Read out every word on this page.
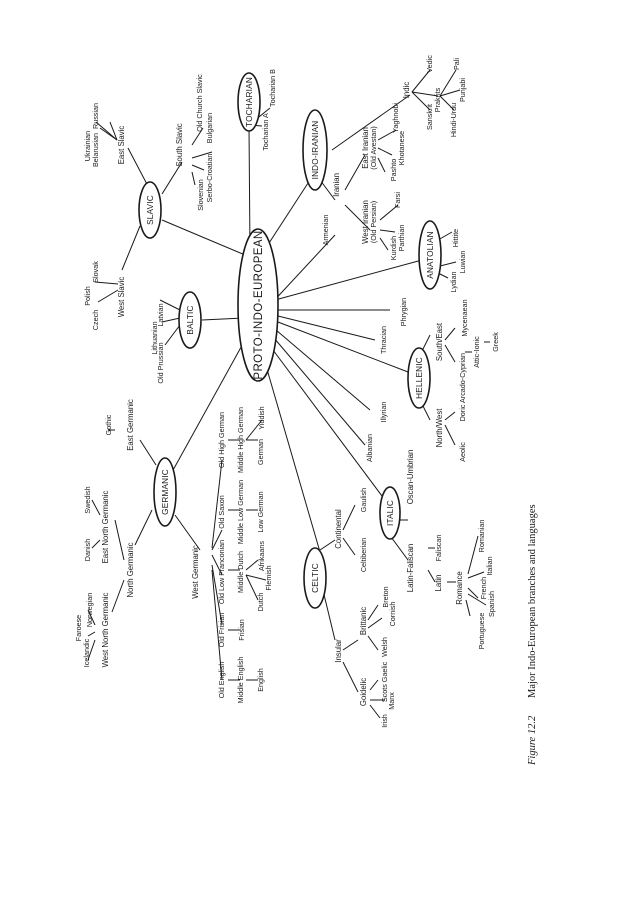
PROTO-INDO-EUROPEAN
SLAVIC
TOCHARIAN
INDO-IRANIAN
BALTIC
ANATOLIAN
HELLENIC
ITALIC
CELTIC
GERMANIC
East Slavic	South Slavic
West Slavic
Indic
Iranian
East Iranian (Old Avestan)
West Iranian (Old Persian)
South/East
North/West
Arcado-Cyprian
Attic-Ionic
Oscan-Umbrian
Latin-Faliscan Latin Romance
Continental
Insular
Brittanic
Goidelic
East Germanic
North Germanic
East North Germanic
West North Germanic
West Germanic
Old High German Middle High German German
Old Saxon Middle Low German Low German
Old Low Franconian Middle Dutch
Old Frisian
Old English Middle English
Ukrainian Belarusian
Russian	Old Church Slavic Bulgarian
Serbo-Croatian
Slovenian
Polish
Slovak
Czech	Latvian
Lithuanian
Old Prussian
Tocharian B
Tocharian A
Vedic
Prakrits
Sanskrit
Pali
Punjabi
Hindi-Urdu
Yaghnobi
Khotanese
Pashto
Farsi
Parthian
Kurdish
Armenian	Hittite
Luwian
Lydian
Phrygian
Thracian
Mycenaean
Greek
Doric
Aeolic
Illyrian
Albanian
Faliscan	Romanian
Italian
French
Spanish
Portuguese
Gaulish
Celtiberian
Breton
Cornish
Welsh
Scots Gaelic
Manx
Irish
Gothic
Swedish
Danish
Norwegian
Faroese
Icelandic
Yiddish
Afrikaans
Flemish
Dutch
Frisian
English
Figure 12.2
Major Indo-European branches and languages
